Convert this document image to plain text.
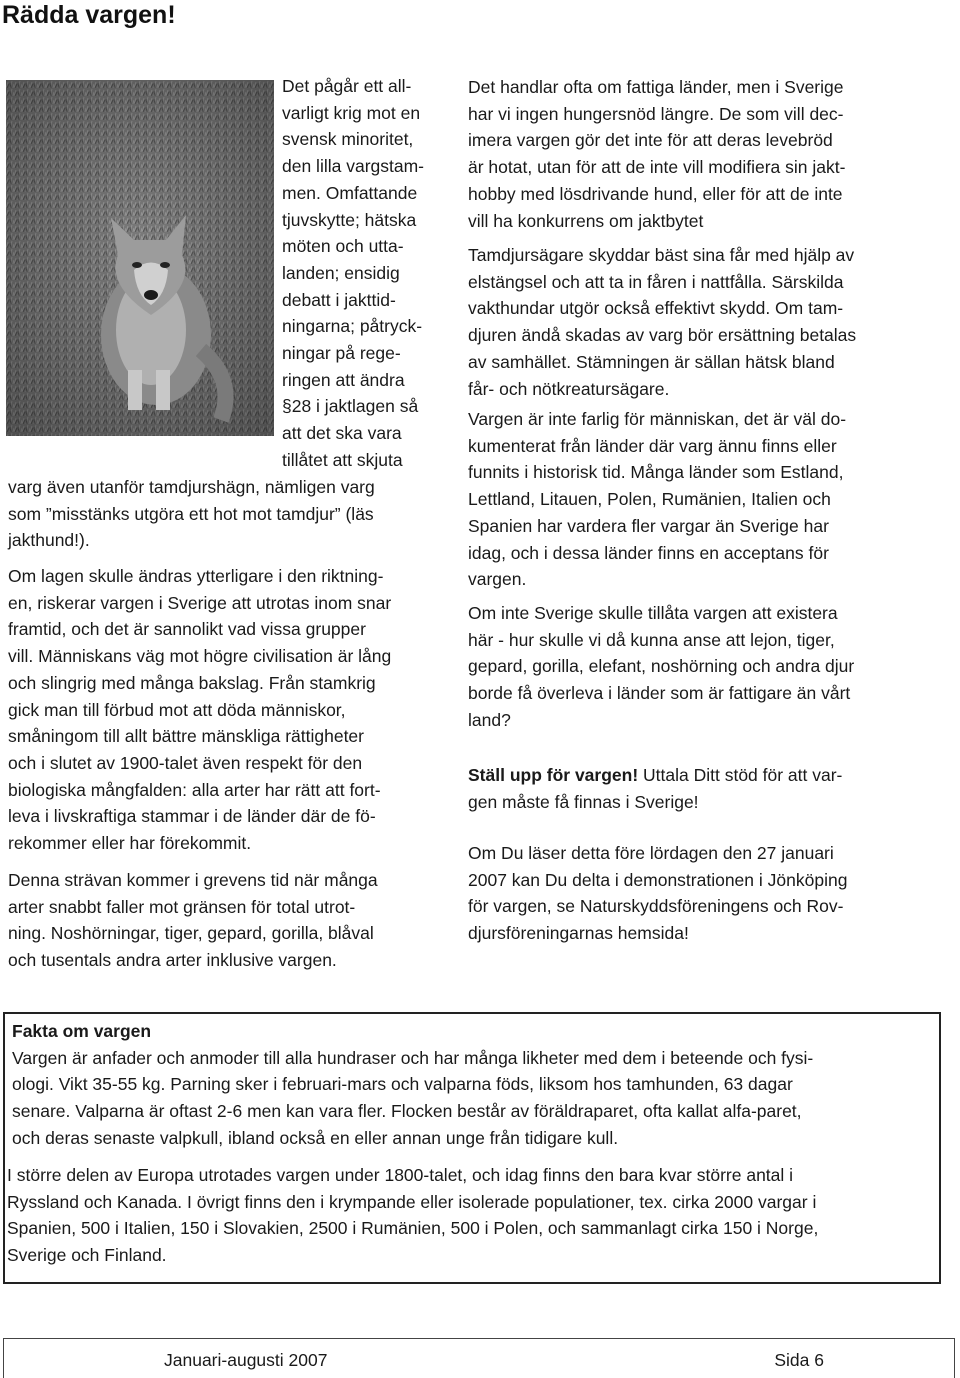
Rädda vargen!
Det pågår ett all-
varligt krig mot en
svensk minoritet,
den lilla vargstam-
men. Omfattande
tjuvskytte; hätska
möten och utta-
landen; ensidig
debatt i jakttid-
ningarna; påtryck-
ningar på rege-
ringen att ändra
§28 i jaktlagen så
att det ska vara
tillåtet att skjuta
varg även utanför tamdjurshägn, nämligen varg
som ”misstänks utgöra ett hot mot tamdjur” (läs
jakthund!).
Om lagen skulle ändras ytterligare i den riktning-
en, riskerar vargen i Sverige att utrotas inom snar
framtid, och det är sannolikt vad vissa grupper
vill. Människans väg mot högre civilisation är lång
och slingrig med många bakslag. Från stamkrig
gick man till förbud mot att döda människor,
småningom till allt bättre mänskliga rättigheter
och i slutet av 1900-talet även respekt för den
biologiska mångfalden: alla arter har rätt att fort-
leva i livskraftiga stammar i de länder där de fö-
rekommer eller har förekommit.
Denna strävan kommer i grevens tid när många
arter snabbt faller mot gränsen för total utrot-
ning. Noshörningar, tiger, gepard, gorilla, blåval
och tusentals andra arter inklusive vargen.
Det handlar ofta om fattiga länder, men i Sverige
har vi ingen hungersnöd längre. De som vill dec-
imera vargen gör det inte för att deras levebröd
är hotat, utan för att de inte vill modifiera sin jakt-
hobby med lösdrivande hund, eller för att de inte
vill ha konkurrens om jaktbytet
Tamdjursägare skyddar bäst sina får med hjälp av
elstängsel och att ta in fåren i nattfålla. Särskilda
vakthundar utgör också effektivt skydd. Om tam-
djuren ändå skadas av varg bör ersättning betalas
av samhället. Stämningen är sällan hätsk bland
får- och nötkreatursägare.
Vargen är inte farlig för människan, det är väl do-
kumenterat från länder där varg ännu finns eller
funnits i historisk tid. Många länder som Estland,
Lettland, Litauen, Polen, Rumänien, Italien och
Spanien har vardera fler vargar än Sverige har
idag, och i dessa länder finns en acceptans för
vargen.
Om inte Sverige skulle tillåta vargen att existera
här - hur skulle vi då kunna anse att lejon, tiger,
gepard, gorilla, elefant, noshörning och andra djur
borde få överleva i länder som är fattigare än vårt
land?
Ställ upp för vargen! Uttala Ditt stöd för att var-
gen måste få finnas i Sverige!
Om Du läser detta före lördagen den 27 januari
2007 kan Du delta i demonstrationen i Jönköping
för vargen, se Naturskyddsföreningens och Rov-
djursföreningarnas hemsida!
Fakta om vargen
Vargen är anfader och anmoder till alla hundraser och har många likheter med dem i beteende och fysi-
ologi. Vikt 35-55 kg. Parning sker i februari-mars och valparna föds, liksom hos tamhunden, 63 dagar
senare. Valparna är oftast 2-6 men kan vara fler. Flocken består av föräldraparet, ofta kallat alfa-paret,
och deras senaste valpkull, ibland också en eller annan unge från tidigare kull.
I större delen av Europa utrotades vargen under 1800-talet, och idag finns den bara kvar större antal i
Ryssland och Kanada. I övrigt finns den i krympande eller isolerade populationer, tex. cirka 2000 vargar i
Spanien, 500 i Italien, 150 i Slovakien, 2500 i Rumänien, 500 i Polen, och sammanlagt cirka 150 i Norge,
Sverige och Finland.
Januari-augusti 2007	Sida 6
